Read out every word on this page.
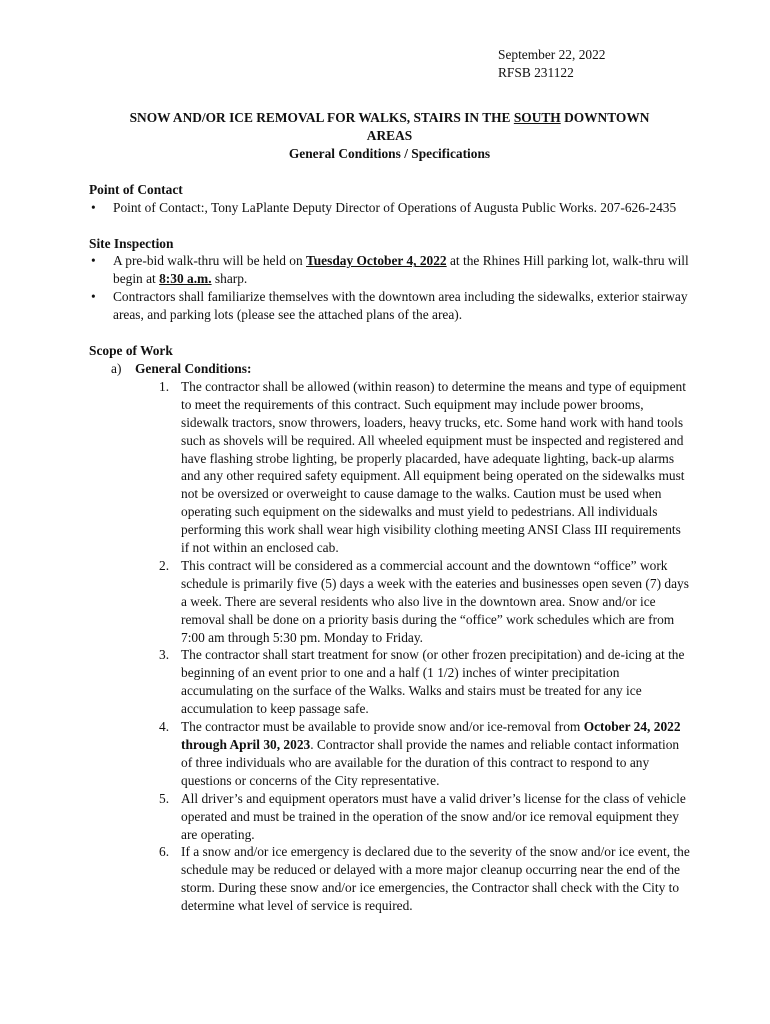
September 22, 2022
RFSB 231122
SNOW AND/OR ICE REMOVAL FOR WALKS, STAIRS IN THE SOUTH DOWNTOWN
AREAS
General Conditions / Specifications
Point of Contact
• Point of Contact:, Tony LaPlante Deputy Director of Operations of Augusta Public Works. 207-626-2435
Site Inspection
• A pre-bid walk-thru will be held on Tuesday October 4, 2022 at the Rhines Hill parking lot, walk-thru will begin at 8:30 a.m. sharp.
• Contractors shall familiarize themselves with the downtown area including the sidewalks, exterior stairway areas, and parking lots (please see the attached plans of the area).
Scope of Work
a)	General Conditions:
1. The contractor shall be allowed (within reason) to determine the means and type of equipment to meet the requirements of this contract. Such equipment may include power brooms, sidewalk tractors, snow throwers, loaders, heavy trucks, etc. Some hand work with hand tools such as shovels will be required. All wheeled equipment must be inspected and registered and have flashing strobe lighting, be properly placarded, have adequate lighting, back-up alarms and any other required safety equipment. All equipment being operated on the sidewalks must not be oversized or overweight to cause damage to the walks. Caution must be used when operating such equipment on the sidewalks and must yield to pedestrians. All individuals performing this work shall wear high visibility clothing meeting ANSI Class III requirements if not within an enclosed cab.
2. This contract will be considered as a commercial account and the downtown “office” work schedule is primarily five (5) days a week with the eateries and businesses open seven (7) days a week. There are several residents who also live in the downtown area. Snow and/or ice removal shall be done on a priority basis during the “office” work schedules which are from 7:00 am through 5:30 pm. Monday to Friday.
3. The contractor shall start treatment for snow (or other frozen precipitation) and de-icing at the beginning of an event prior to one and a half (1 1/2) inches of winter precipitation accumulating on the surface of the Walks. Walks and stairs must be treated for any ice accumulation to keep passage safe.
4. The contractor must be available to provide snow and/or ice-removal from October 24, 2022 through April 30, 2023. Contractor shall provide the names and reliable contact information of three individuals who are available for the duration of this contract to respond to any questions or concerns of the City representative.
5. All driver’s and equipment operators must have a valid driver’s license for the class of vehicle operated and must be trained in the operation of the snow and/or ice removal equipment they are operating.
6. If a snow and/or ice emergency is declared due to the severity of the snow and/or ice event, the schedule may be reduced or delayed with a more major cleanup occurring near the end of the storm. During these snow and/or ice emergencies, the Contractor shall check with the City to determine what level of service is required.
